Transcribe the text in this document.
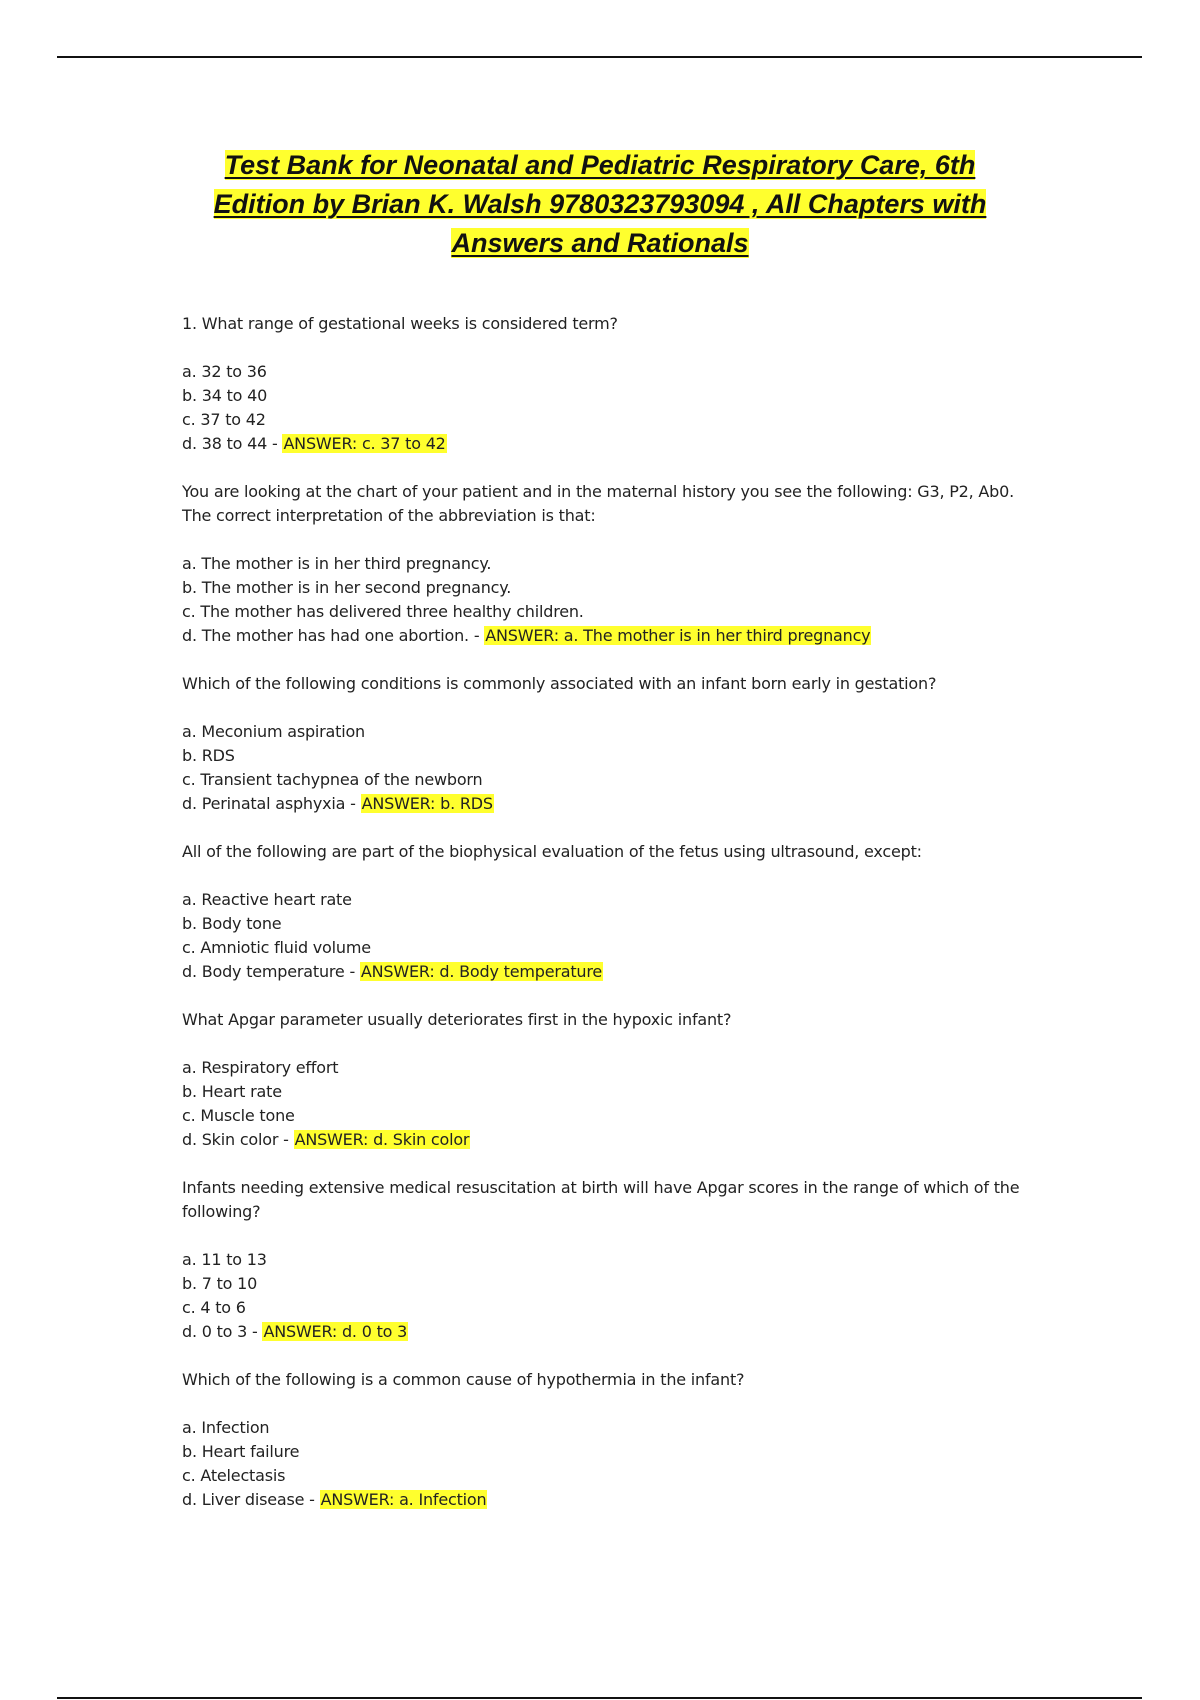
Test Bank for Neonatal and Pediatric Respiratory Care, 6th
Edition by Brian K. Walsh 9780323793094 , All Chapters with
Answers and Rationals

1. What range of gestational weeks is considered term?

a. 32 to 36

b. 34 to 40

c. 37 to 42

d. 38 to 44 - ANSWER: c. 37 to 42

You are looking at the chart of your patient and in the maternal history you see the following: G3, P2, Ab0. The correct interpretation of the abbreviation is that:

a. The mother is in her third pregnancy.

b. The mother is in her second pregnancy.

c. The mother has delivered three healthy children.

d. The mother has had one abortion. - ANSWER: a. The mother is in her third pregnancy

Which of the following conditions is commonly associated with an infant born early in gestation?

a. Meconium aspiration

b. RDS

c. Transient tachypnea of the newborn

d. Perinatal asphyxia - ANSWER: b. RDS

All of the following are part of the biophysical evaluation of the fetus using ultrasound, except:

a. Reactive heart rate

b. Body tone

c. Amniotic fluid volume

d. Body temperature - ANSWER: d. Body temperature

What Apgar parameter usually deteriorates first in the hypoxic infant?

a. Respiratory effort

b. Heart rate

c. Muscle tone

d. Skin color - ANSWER: d. Skin color

Infants needing extensive medical resuscitation at birth will have Apgar scores in the range of which of the following?

a. 11 to 13

b. 7 to 10

c. 4 to 6

d. 0 to 3 - ANSWER: d. 0 to 3

Which of the following is a common cause of hypothermia in the infant?

a. Infection

b. Heart failure

c. Atelectasis

d. Liver disease - ANSWER: a. Infection
